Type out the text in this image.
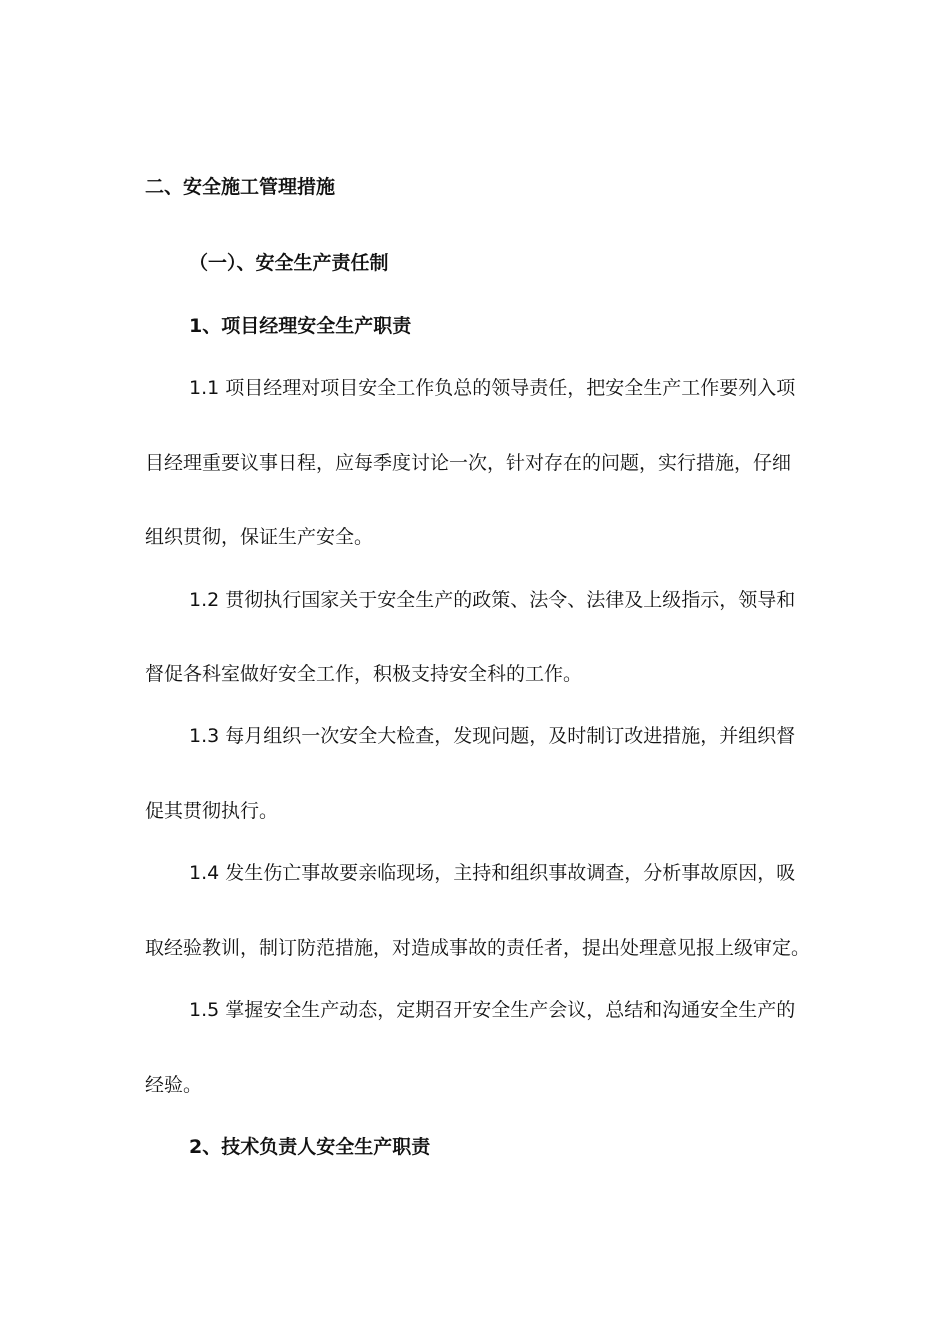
二、安全施工管理措施

（一）、安全生产责任制

1、项目经理安全生产职责

1.1 项目经理对项目安全工作负总的领导责任，把安全生产工作要列入项

目经理重要议事日程，应每季度讨论一次，针对存在的问题，实行措施，仔细

组织贯彻，保证生产安全。

1.2 贯彻执行国家关于安全生产的政策、法令、法律及上级指示，领导和

督促各科室做好安全工作，积极支持安全科的工作。

1.3 每月组织一次安全大检查，发现问题，及时制订改进措施，并组织督

促其贯彻执行。

1.4 发生伤亡事故要亲临现场，主持和组织事故调查，分析事故原因，吸

取经验教训，制订防范措施，对造成事故的责任者，提出处理意见报上级审定。

1.5 掌握安全生产动态，定期召开安全生产会议，总结和沟通安全生产的

经验。

2、技术负责人安全生产职责
